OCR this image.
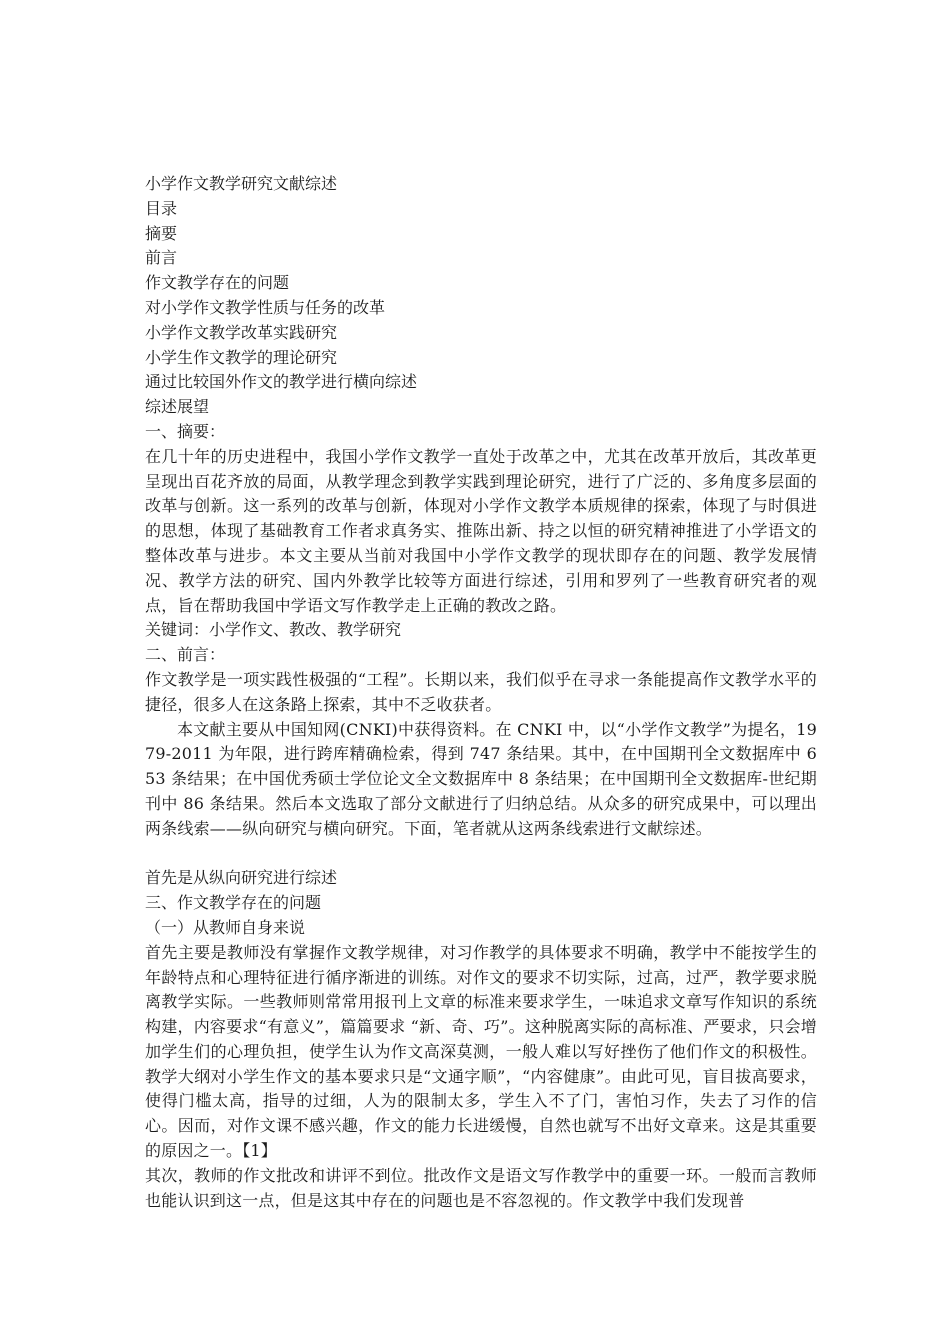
小学作文教学研究文献综述
目录
摘要
前言
作文教学存在的问题
对小学作文教学性质与任务的改革
小学作文教学改革实践研究
小学生作文教学的理论研究
通过比较国外作文的教学进行横向综述
综述展望
一、摘要：
在几十年的历史进程中，我国小学作文教学一直处于改革之中，尤其在改革开放后，其改革更呈现出百花齐放的局面，从教学理念到教学实践到理论研究，进行了广泛的、多角度多层面的改革与创新。这一系列的改革与创新，体现对小学作文教学本质规律的探索，体现了与时俱进的思想，体现了基础教育工作者求真务实、推陈出新、持之以恒的研究精神推进了小学语文的整体改革与进步。本文主要从当前对我国中小学作文教学的现状即存在的问题、教学发展情况、教学方法的研究、国内外教学比较等方面进行综述，引用和罗列了一些教育研究者的观点，旨在帮助我国中学语文写作教学走上正确的教改之路。
关键词：小学作文、教改、教学研究
二、前言：
作文教学是一项实践性极强的“工程”。长期以来，我们似乎在寻求一条能提高作文教学水平的捷径，很多人在这条路上探索，其中不乏收获者。
本文献主要从中国知网(CNKI)中获得资料。在 CNKI 中，以“小学作文教学”为提名，1979-2011 为年限，进行跨库精确检索，得到 747 条结果。其中，在中国期刊全文数据库中 653 条结果；在中国优秀硕士学位论文全文数据库中 8 条结果；在中国期刊全文数据库-世纪期刊中 86 条结果。然后本文选取了部分文献进行了归纳总结。从众多的研究成果中，可以理出两条线索——纵向研究与横向研究。下面，笔者就从这两条线索进行文献综述。
首先是从纵向研究进行综述
三、作文教学存在的问题
（一）从教师自身来说
首先主要是教师没有掌握作文教学规律，对习作教学的具体要求不明确，教学中不能按学生的年龄特点和心理特征进行循序渐进的训练。对作文的要求不切实际，过高，过严，教学要求脱离教学实际。一些教师则常常用报刊上文章的标准来要求学生，一味追求文章写作知识的系统构建，内容要求“有意义”，篇篇要求 “新、奇、巧”。这种脱离实际的高标准、严要求，只会增加学生们的心理负担，使学生认为作文高深莫测，一般人难以写好挫伤了他们作文的积极性。教学大纲对小学生作文的基本要求只是“文通字顺”，“内容健康”。由此可见，盲目拔高要求，使得门槛太高，指导的过细，人为的限制太多，学生入不了门，害怕习作，失去了习作的信心。因而，对作文课不感兴趣，作文的能力长进缓慢，自然也就写不出好文章来。这是其重要的原因之一。【1】
其次，教师的作文批改和讲评不到位。批改作文是语文写作教学中的重要一环。一般而言教师也能认识到这一点，但是这其中存在的问题也是不容忽视的。作文教学中我们发现普
